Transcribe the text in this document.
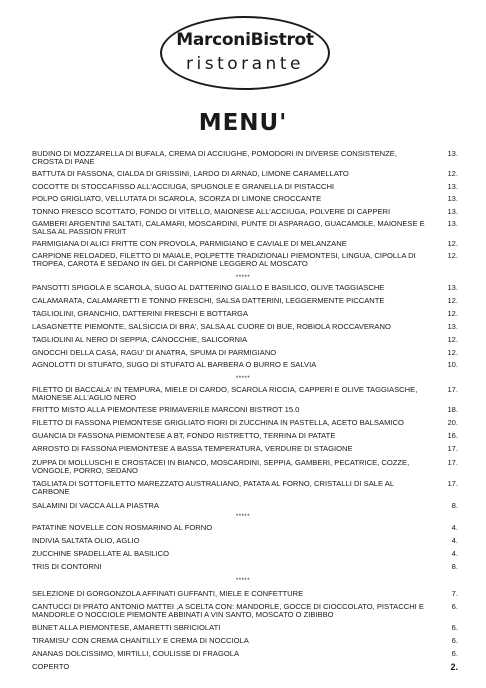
MarconiBistrot
ristorante
MENU'
BUDINO DI MOZZARELLA DI BUFALA, CREMA DI ACCIUGHE, POMODORI IN DIVERSE CONSISTENZE, CROSTA DI PANE
13.
BATTUTA DI FASSONA, CIALDA DI GRISSINI, LARDO DI ARNAD, LIMONE CARAMELLATO	12.
COCOTTE DI STOCCAFISSO ALL'ACCIUGA, SPUGNOLE E GRANELLA DI PISTACCHI	13.
POLPO GRIGLIATO, VELLUTATA DI SCAROLA, SCORZA DI LIMONE CROCCANTE	13.
TONNO FRESCO SCOTTATO, FONDO DI VITELLO, MAIONESE ALL'ACCIUGA, POLVERE DI CAPPERI	13.
GAMBERI ARGENTINI SALTATI, CALAMARI, MOSCARDINI, PUNTE DI ASPARAGO, GUACAMOLE, MAIONESE E SALSA AL PASSION FRUIT
13.
PARMIGIANA DI ALICI FRITTE CON PROVOLA, PARMIGIANO E CAVIALE DI MELANZANE	12.
CARPIONE RELOADED, FILETTO DI MAIALE, POLPETTE TRADIZIONALI PIEMONTESI, LINGUA, CIPOLLA DI TROPEA, CAROTA E SEDANO IN GEL DI CARPIONE LEGGERO AL MOSCATO
12.
*****
PANSOTTI SPIGOLA E SCAROLA, SUGO AL DATTERINO GIALLO E BASILICO, OLIVE TAGGIASCHE	13.
CALAMARATA, CALAMARETTI E TONNO FRESCHI, SALSA DATTERINI, LEGGERMENTE PICCANTE	12.
TAGLIOLINI, GRANCHIO, DATTERINI FRESCHI E BOTTARGA	12.
LASAGNETTE PIEMONTE, SALSICCIA DI BRA', SALSA AL CUORE DI BUE, ROBIOLA ROCCAVERANO	13.
TAGLIOLINI AL NERO DI SEPPIA, CANOCCHIE, SALICORNIA	12.
GNOCCHI DELLA CASA, RAGU' DI ANATRA, SPUMA DI PARMIGIANO	12.
AGNOLOTTI DI STUFATO, SUGO DI STUFATO AL BARBERA O BURRO E SALVIA	10.
*****
FILETTO DI BACCALA' IN TEMPURA, MIELE DI CARDO, SCAROLA RICCIA, CAPPERI E OLIVE TAGGIASCHE, MAIONESE ALL'AGLIO NERO
17.
FRITTO MISTO ALLA PIEMONTESE PRIMAVERILE MARCONI BISTROT 15.0	18.
FILETTO DI FASSONA PIEMONTESE GRIGLIATO FIORI DI ZUCCHINA IN PASTELLA, ACETO BALSAMICO	20.
GUANCIA DI FASSONA PIEMONTESE A BT, FONDO RISTRETTO, TERRINA DI PATATE	16.
ARROSTO DI FASSONA PIEMONTESE A BASSA TEMPERATURA, VERDURE DI STAGIONE	17.
ZUPPA DI MOLLUSCHI E CROSTACEI IN BIANCO, MOSCARDINI, SEPPIA, GAMBERI, PECATRICE, COZZE, VONGOLE, PORRO, SEDANO
17.
TAGLIATA DI SOTTOFILETTO MAREZZATO AUSTRALIANO, PATATA AL FORNO, CRISTALLI DI SALE AL CARBONE
17.
SALAMINI DI VACCA ALLA PIASTRA	8.
*****
PATATINE NOVELLE CON ROSMARINO AL FORNO	4.
INDIVIA SALTATA OLIO, AGLIO	4.
ZUCCHINE SPADELLATE AL BASILICO	4.
TRIS DI CONTORNI	8.
*****
SELEZIONE DI GORGONZOLA AFFINATI GUFFANTI, MIELE E CONFETTURE	7.
CANTUCCI DI PRATO ANTONIO MATTEI ,A SCELTA CON: MANDORLE, GOCCE DI CIOCCOLATO, PISTACCHI E MANDORLE O NOCCIOLE PIEMONTE ABBINATI A VIN SANTO, MOSCATO O ZIBIBBO
6.
BUNET ALLA PIEMONTESE, AMARETTI SBRICIOLATI	6.
TIRAMISU' CON CREMA CHANTILLY E CREMA DI NOCCIOLA	6.
ANANAS DOLCISSIMO, MIRTILLI, COULISSE DI FRAGOLA	6.
COPERTO	2.
